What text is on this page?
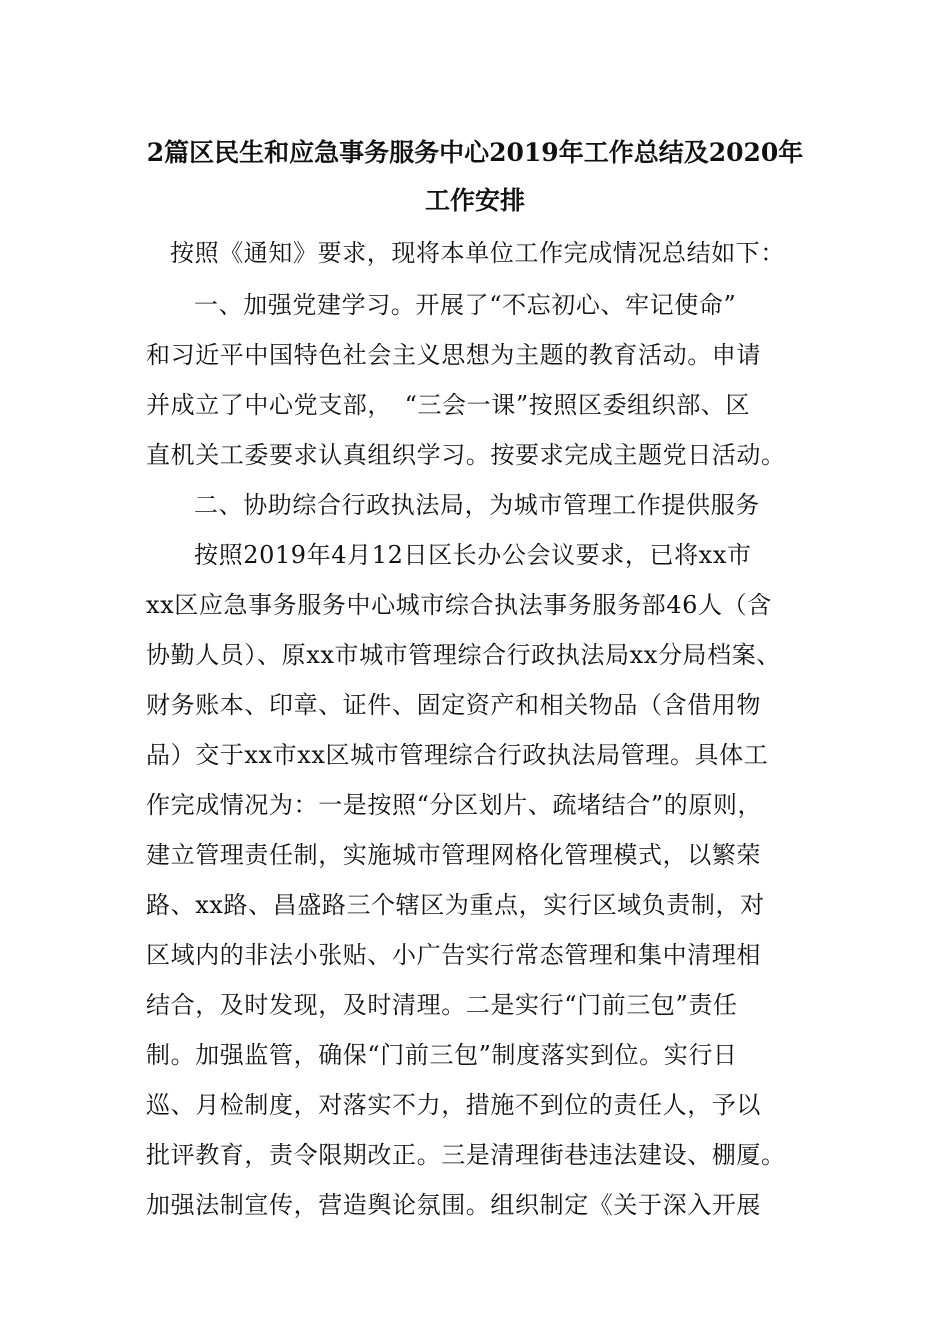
2篇区民生和应急事务服务中心2019年工作总结及2020年
工作安排
按照《通知》要求，现将本单位工作完成情况总结如下：
一、加强党建学习。开展了“不忘初心、牢记使命”
和习近平中国特色社会主义思想为主题的教育活动。申请
并成立了中心党支部，　“三会一课”按照区委组织部、区
直机关工委要求认真组织学习。按要求完成主题党日活动。
二、协助综合行政执法局，为城市管理工作提供服务
按照2019年4月12日区长办公会议要求，已将xx市
xx区应急事务服务中心城市综合执法事务服务部46人（含
协勤人员）、原xx市城市管理综合行政执法局xx分局档案、
财务账本、印章、证件、固定资产和相关物品（含借用物
品）交于xx市xx区城市管理综合行政执法局管理。具体工
作完成情况为：一是按照“分区划片、疏堵结合”的原则，
建立管理责任制，实施城市管理网格化管理模式，以繁荣
路、xx路、昌盛路三个辖区为重点，实行区域负责制，对
区域内的非法小张贴、小广告实行常态管理和集中清理相
结合，及时发现，及时清理。二是实行“门前三包”责任
制。加强监管，确保“门前三包”制度落实到位。实行日
巡、月检制度，对落实不力，措施不到位的责任人，予以
批评教育，责令限期改正。三是清理街巷违法建设、棚厦。
加强法制宣传，营造舆论氛围。组织制定《关于深入开展
